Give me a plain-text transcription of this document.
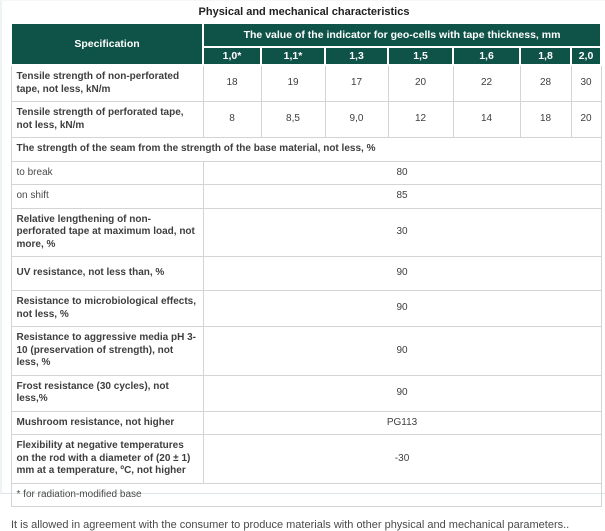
Physical and mechanical characteristics
Specification	The value of the indicator for geo-cells with tape thickness, mm						
	1,0*	1,1*	1,3	1,5	1,6	1,8	2,0
Tensile strength of non-perforated tape, not less, kN/m	18	19	17	20	22	28	30
Tensile strength of perforated tape, not less, kN/m	8	8,5	9,0	12	14	18	20
The strength of the seam from the strength of the base material, not less, %							
to break	80						
on shift	85						
Relative lengthening of non-perforated tape at maximum load, not more, %	30						
UV resistance, not less than, %	90						
Resistance to microbiological effects, not less, %	90						
Resistance to aggressive media pH 3-10 (preservation of strength), not less, %	90						
Frost resistance (30 cycles), not less,%	90						
Mushroom resistance, not higher	PG113						
Flexibility at negative temperatures on the rod with a diameter of (20 ± 1) mm at a temperature, ºC, not higher	-30						
* for radiation-modified base							

It is allowed in agreement with the consumer to produce materials with other physical and mechanical parameters..
